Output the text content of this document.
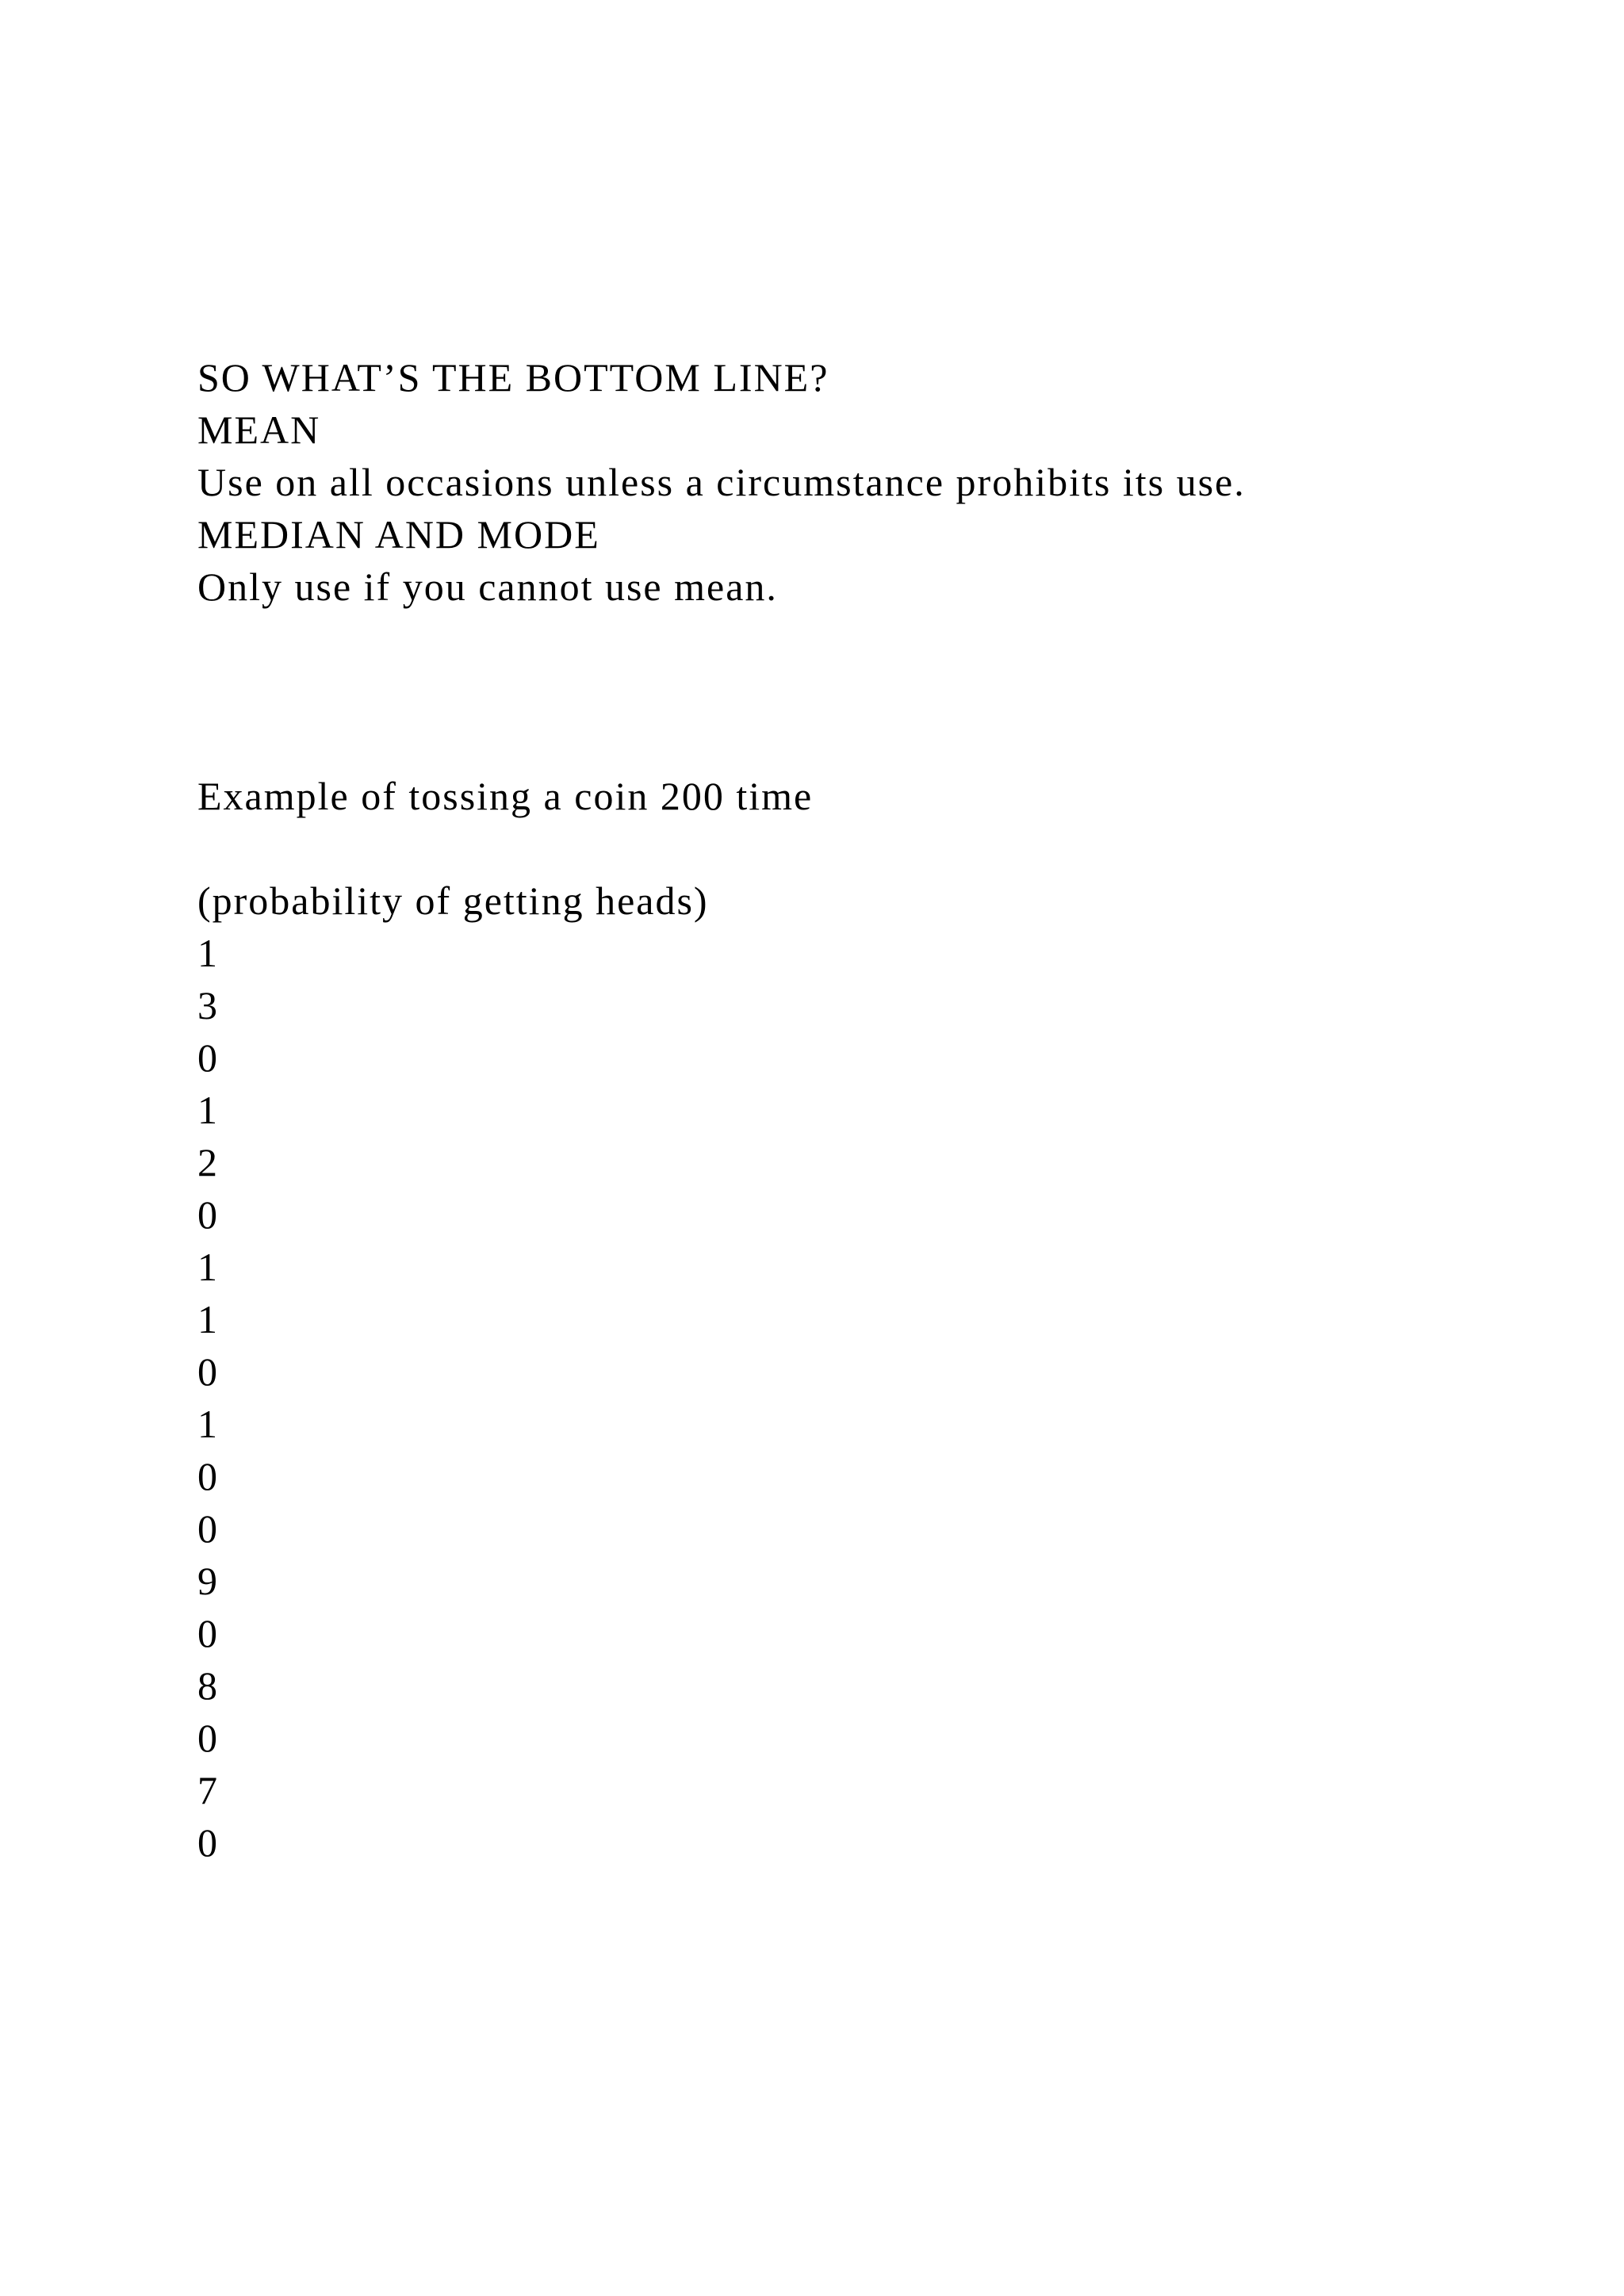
SO WHAT’S THE BOTTOM LINE?
MEAN
Use on all occasions unless a circumstance prohibits its use.
MEDIAN AND MODE
Only use if you cannot use mean.
Example of tossing a coin 200 time
(probability of getting heads)
1
3
0
1
2
0
1
1
0
1
0
0
9
0
8
0
7
0
